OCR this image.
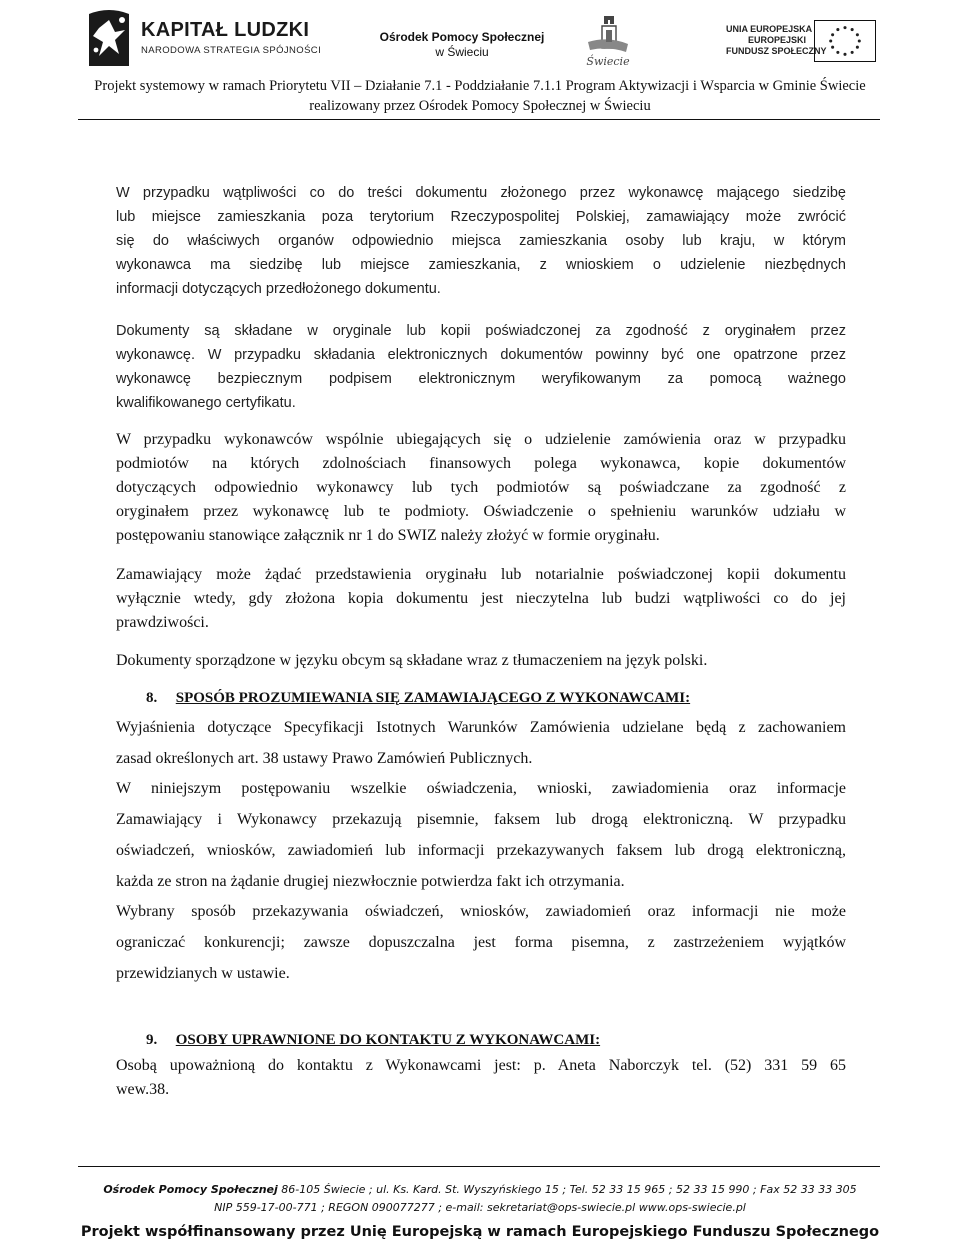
KAPITAŁ LUDZKI
NARODOWA STRATEGIA SPÓJNOŚCI
Ośrodek Pomocy Społecznej
w Świeciu
Świecie
UNIA EUROPEJSKA
EUROPEJSKI
FUNDUSZ SPOŁECZNY
Projekt systemowy w ramach Priorytetu VII – Działanie 7.1 - Poddziałanie 7.1.1 Program Aktywizacji i Wsparcia w Gminie Świecie
realizowany przez Ośrodek Pomocy Społecznej w Świeciu

W przypadku wątpliwości co do treści dokumentu złożonego przez wykonawcę mającego siedzibę
lub miejsce zamieszkania poza terytorium Rzeczypospolitej Polskiej, zamawiający może zwrócić
się do właściwych organów odpowiednio miejsca zamieszkania osoby lub kraju, w którym
wykonawca ma siedzibę lub miejsce zamieszkania, z wnioskiem o udzielenie niezbędnych
informacji dotyczących przedłożonego dokumentu.

Dokumenty są składane w oryginale lub kopii poświadczonej za zgodność z oryginałem przez
wykonawcę. W przypadku składania elektronicznych dokumentów powinny być one opatrzone przez
wykonawcę bezpiecznym podpisem elektronicznym weryfikowanym za pomocą ważnego
kwalifikowanego certyfikatu.

W przypadku wykonawców wspólnie ubiegających się o udzielenie zamówienia oraz w przypadku
podmiotów na których zdolnościach finansowych polega wykonawca, kopie dokumentów
dotyczących odpowiednio wykonawcy lub tych podmiotów są poświadczane za zgodność z
oryginałem przez wykonawcę lub te podmioty. Oświadczenie o spełnieniu warunków udziału w
postępowaniu stanowiące załącznik nr 1 do SWIZ należy złożyć w formie oryginału.

Zamawiający może żądać przedstawienia oryginału lub notarialnie poświadczonej kopii dokumentu
wyłącznie wtedy, gdy złożona kopia dokumentu jest nieczytelna lub budzi wątpliwości co do jej
prawdziwości.

Dokumenty sporządzone w języku obcym są składane wraz z tłumaczeniem na język polski.

8. SPOSÓB PROZUMIEWANIA SIĘ ZAMAWIAJĄCEGO Z WYKONAWCAMI:

Wyjaśnienia dotyczące Specyfikacji Istotnych Warunków Zamówienia udzielane będą z zachowaniem
zasad określonych art. 38 ustawy Prawo Zamówień Publicznych.

W niniejszym postępowaniu wszelkie oświadczenia, wnioski, zawiadomienia oraz informacje
Zamawiający i Wykonawcy przekazują pisemnie, faksem lub drogą elektroniczną. W przypadku
oświadczeń, wniosków, zawiadomień lub informacji przekazywanych faksem lub drogą elektroniczną,
każda ze stron na żądanie drugiej niezwłocznie potwierdza fakt ich otrzymania.

Wybrany sposób przekazywania oświadczeń, wniosków, zawiadomień oraz informacji nie może
ograniczać konkurencji; zawsze dopuszczalna jest forma pisemna, z zastrzeżeniem wyjątków
przewidzianych w ustawie.

9. OSOBY UPRAWNIONE DO KONTAKTU Z WYKONAWCAMI:

Osobą upoważnioną do kontaktu z Wykonawcami jest: p. Aneta Naborczyk tel. (52) 331 59 65
wew.38.

Ośrodek Pomocy Społecznej 86-105 Świecie ; ul. Ks. Kard. St. Wyszyńskiego 15 ; Tel. 52 33 15 965 ; 52 33 15 990 ; Fax 52 33 33 305
NIP 559-17-00-771 ; REGON 090077277 ; e-mail: sekretariat@ops-swiecie.pl www.ops-swiecie.pl
Projekt współfinansowany przez Unię Europejską w ramach Europejskiego Funduszu Społecznego
